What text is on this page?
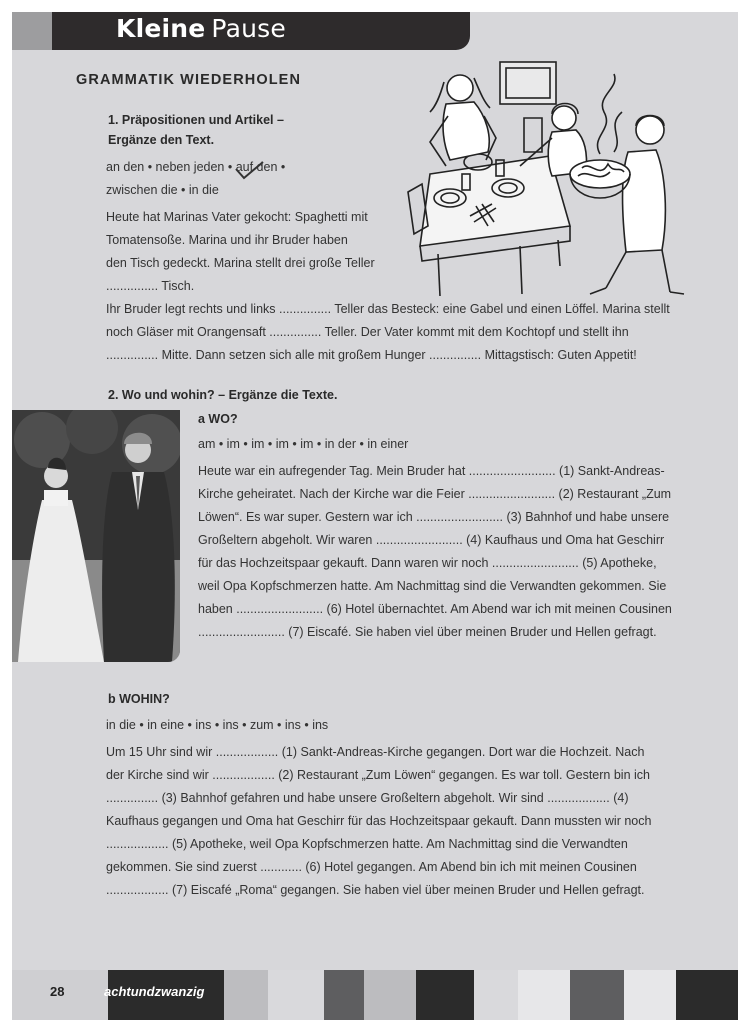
Kleine Pause
GRAMMATIK WIEDERHOLEN
1. Präpositionen und Artikel –
Ergänze den Text.
an den • neben jeden • auf den •
zwischen die • in die
Heute hat Marinas Vater gekocht: Spaghetti mit
Tomatensoße. Marina und ihr Bruder haben
den Tisch gedeckt. Marina stellt drei große Teller
............... Tisch.
Ihr Bruder legt rechts und links ............... Teller das Besteck: eine Gabel und einen Löffel. Marina stellt
noch Gläser mit Orangensaft ............... Teller. Der Vater kommt mit dem Kochtopf und stellt ihn
............... Mitte. Dann setzen sich alle mit großem Hunger ............... Mittagstisch: Guten Appetit!
2. Wo und wohin? – Ergänze die Texte.
a WO?
am • im • im • im • im • in der • in einer
Heute war ein aufregender Tag. Mein Bruder hat ......................... (1) Sankt-Andreas-
Kirche geheiratet. Nach der Kirche war die Feier ......................... (2) Restaurant „Zum
Löwen“. Es war super. Gestern war ich ......................... (3) Bahnhof und habe unsere
Großeltern abgeholt. Wir waren ......................... (4) Kaufhaus und Oma hat Geschirr
für das Hochzeitspaar gekauft. Dann waren wir noch ......................... (5) Apotheke,
weil Opa Kopfschmerzen hatte. Am Nachmittag sind die Verwandten gekommen. Sie
haben ......................... (6) Hotel übernachtet. Am Abend war ich mit meinen Cousinen
......................... (7) Eiscafé. Sie haben viel über meinen Bruder und Hellen gefragt.
b WOHIN?
in die • in eine • ins • ins • zum • ins • ins
Um 15 Uhr sind wir .................. (1) Sankt-Andreas-Kirche gegangen. Dort war die Hochzeit. Nach
der Kirche sind wir .................. (2) Restaurant „Zum Löwen“ gegangen. Es war toll. Gestern bin ich
............... (3) Bahnhof gefahren und habe unsere Großeltern abgeholt. Wir sind .................. (4)
Kaufhaus gegangen und Oma hat Geschirr für das Hochzeitspaar gekauft. Dann mussten wir noch
.................. (5) Apotheke, weil Opa Kopfschmerzen hatte. Am Nachmittag sind die Verwandten
gekommen. Sie sind zuerst ............ (6) Hotel gegangen. Am Abend bin ich mit meinen Cousinen
.................. (7) Eiscafé „Roma“ gegangen. Sie haben viel über meinen Bruder und Hellen gefragt.
28	achtundzwanzig
